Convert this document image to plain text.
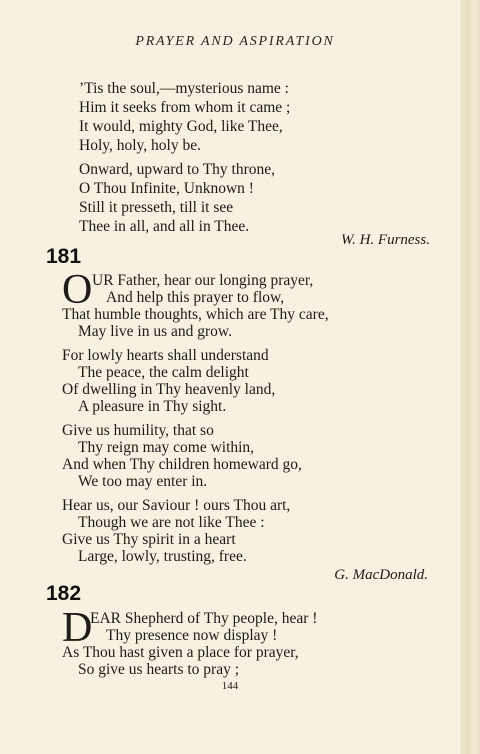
PRAYER AND ASPIRATION
’Tis the soul,—mysterious name :
Him it seeks from whom it came ;
It would, mighty God, like Thee,
Holy, holy, holy be.
Onward, upward to Thy throne,
O Thou Infinite, Unknown !
Still it presseth, till it see
Thee in all, and all in Thee.
W. H. Furness.
181
O UR Father, hear our longing prayer,
And help this prayer to flow,
That humble thoughts, which are Thy care,
May live in us and grow.
For lowly hearts shall understand
The peace, the calm delight
Of dwelling in Thy heavenly land,
A pleasure in Thy sight.
Give us humility, that so
Thy reign may come within,
And when Thy children homeward go,
We too may enter in.
Hear us, our Saviour ! ours Thou art,
Though we are not like Thee :
Give us Thy spirit in a heart
Large, lowly, trusting, free.
G. MacDonald.
182
D
EAR Shepherd of Thy people, hear !
Thy presence now display !
As Thou hast given a place for prayer,
So give us hearts to pray ;
144
